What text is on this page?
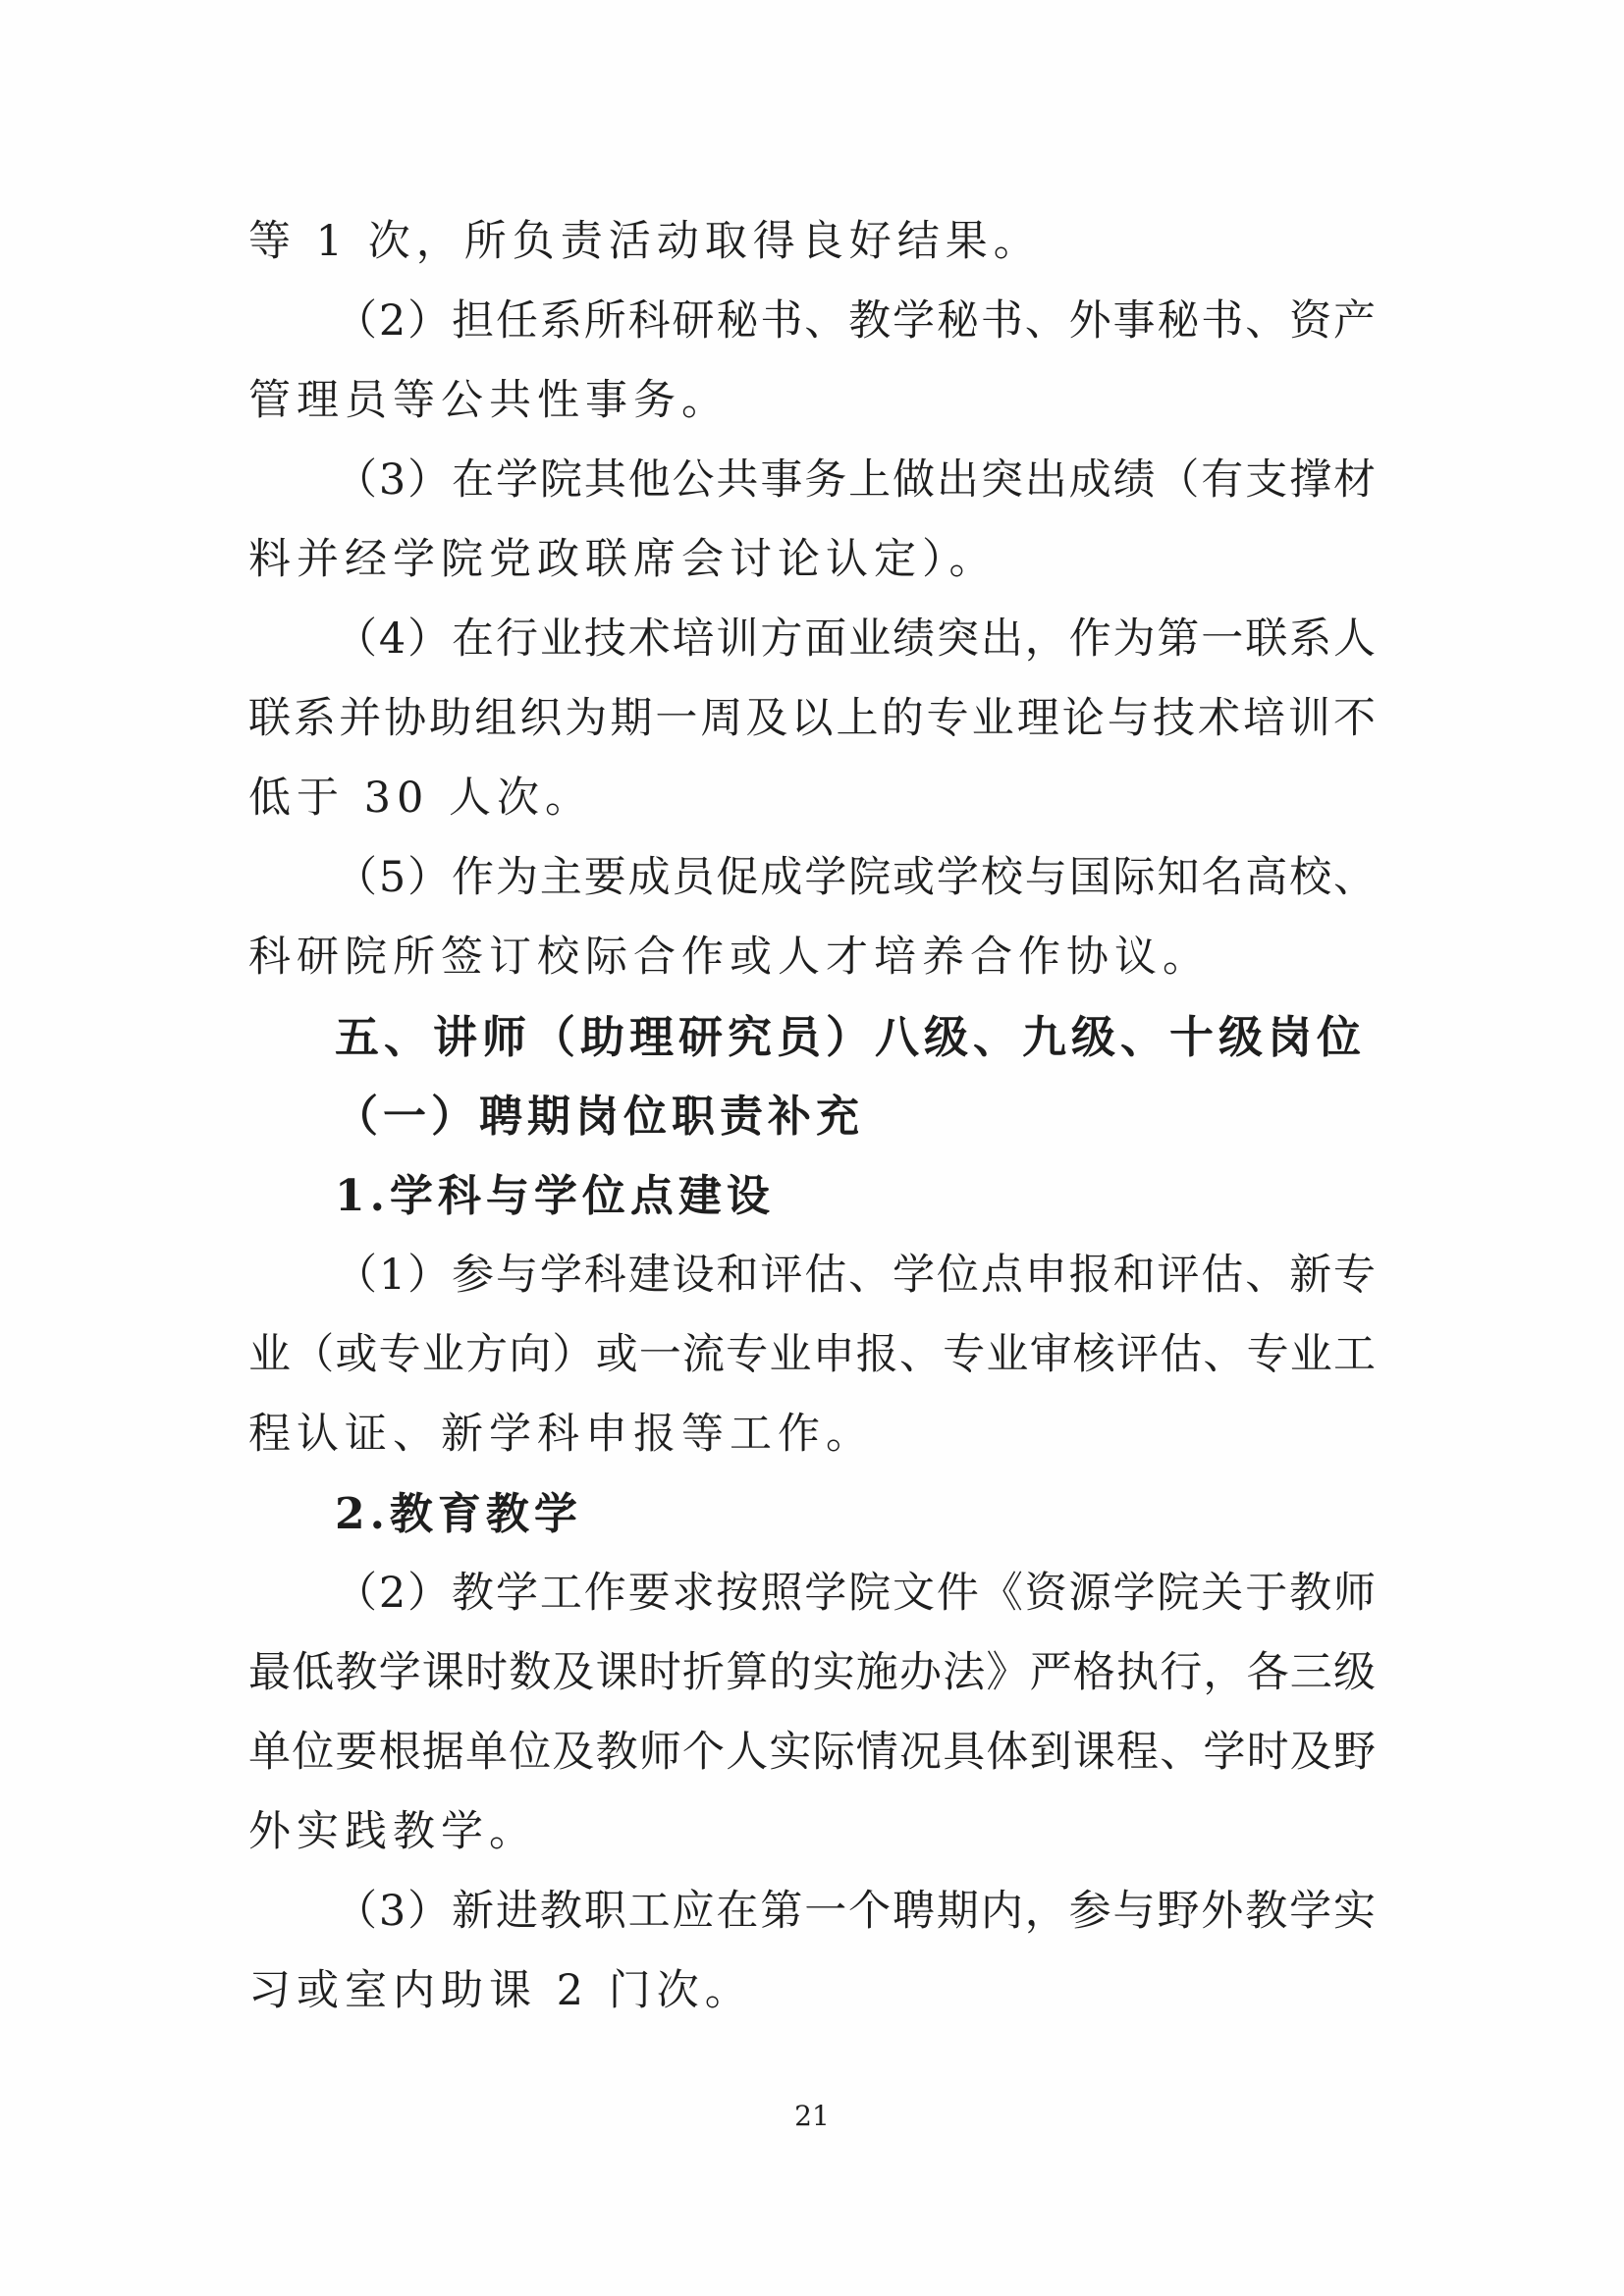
等 1 次，所负责活动取得良好结果。
（2）担任系所科研秘书、教学秘书、外事秘书、资产
管理员等公共性事务。
（3）在学院其他公共事务上做出突出成绩（有支撑材
料并经学院党政联席会讨论认定）。
（4）在行业技术培训方面业绩突出，作为第一联系人
联系并协助组织为期一周及以上的专业理论与技术培训不
低于 30 人次。
（5）作为主要成员促成学院或学校与国际知名高校、
科研院所签订校际合作或人才培养合作协议。
五、讲师（助理研究员）八级、九级、十级岗位
（一）聘期岗位职责补充
1.学科与学位点建设
（1）参与学科建设和评估、学位点申报和评估、新专
业（或专业方向）或一流专业申报、专业审核评估、专业工
程认证、新学科申报等工作。
2.教育教学
（2）教学工作要求按照学院文件《资源学院关于教师
最低教学课时数及课时折算的实施办法》严格执行，各三级
单位要根据单位及教师个人实际情况具体到课程、学时及野
外实践教学。
（3）新进教职工应在第一个聘期内，参与野外教学实
习或室内助课 2 门次。
21
